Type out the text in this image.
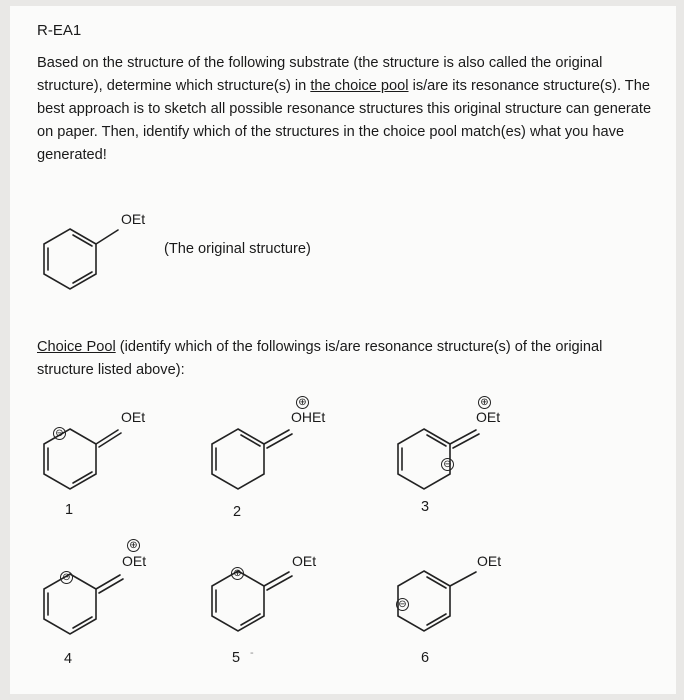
R-EA1
Based on the structure of the following substrate (the structure is also called the original structure), determine which structure(s) in the choice pool is/are its resonance structure(s). The best approach is to sketch all possible resonance structures this original structure can generate on paper. Then, identify which of the structures in the choice pool match(es) what you have generated!
OEt
(The original structure)
Choice Pool (identify which of the followings is/are resonance structure(s) of the original structure listed above):
OEt
⊖
1
⊕
OHEt
2
⊕
OEt
⊖
3
⊕
OEt
⊖
4
OEt
⊕
5 -
OEt
⊖
6
